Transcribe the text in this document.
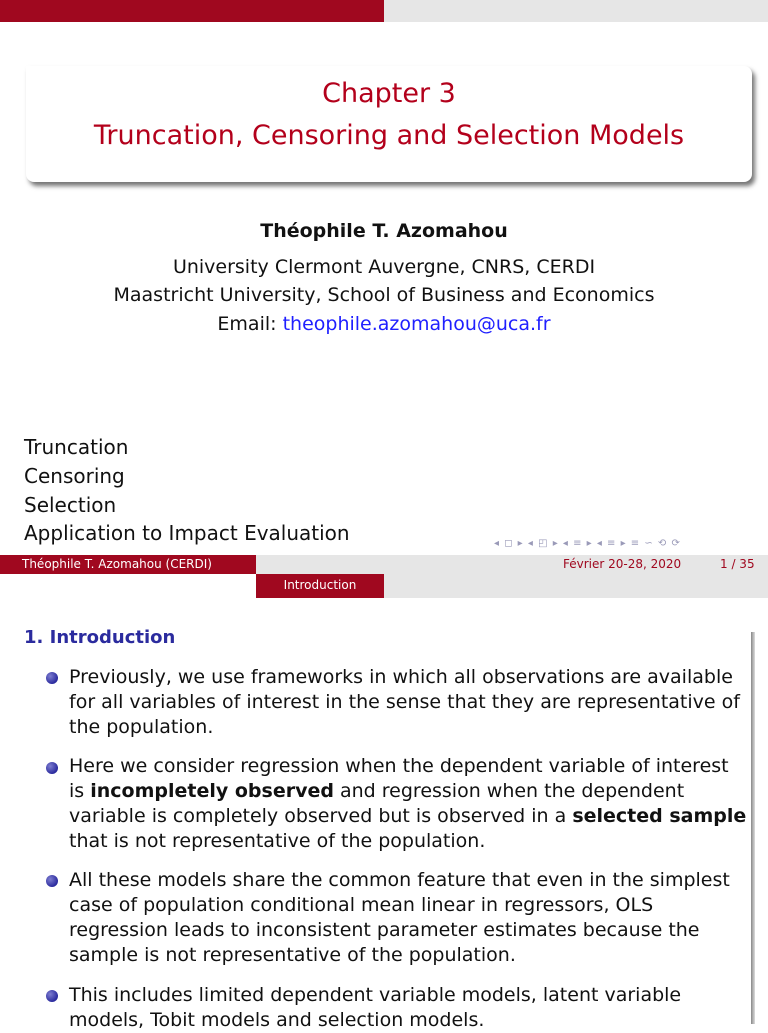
Chapter 3
Truncation, Censoring and Selection Models
Théophile T. Azomahou
University Clermont Auvergne, CNRS, CERDI
Maastricht University, School of Business and Economics
Email: theophile.azomahou@uca.fr
Truncation
Censoring
Selection
Application to Impact Evaluation	◂ ◻ ▸ ◂ ◰ ▸ ◂ ≡ ▸ ◂ ≡ ▸ ≡ ∽ ⟲ ⟳
Théophile T. Azomahou (CERDI)	Février 20-28, 2020	1 / 35
Introduction
1. Introduction
Previously, we use frameworks in which all observations are available for all variables of interest in the sense that they are representative of the population.
Here we consider regression when the dependent variable of interest is incompletely observed and regression when the dependent variable is completely observed but is observed in a selected sample that is not representative of the population.
All these models share the common feature that even in the simplest case of population conditional mean linear in regressors, OLS regression leads to inconsistent parameter estimates because the sample is not representative of the population.
This includes limited dependent variable models, latent variable models, Tobit models and selection models.
